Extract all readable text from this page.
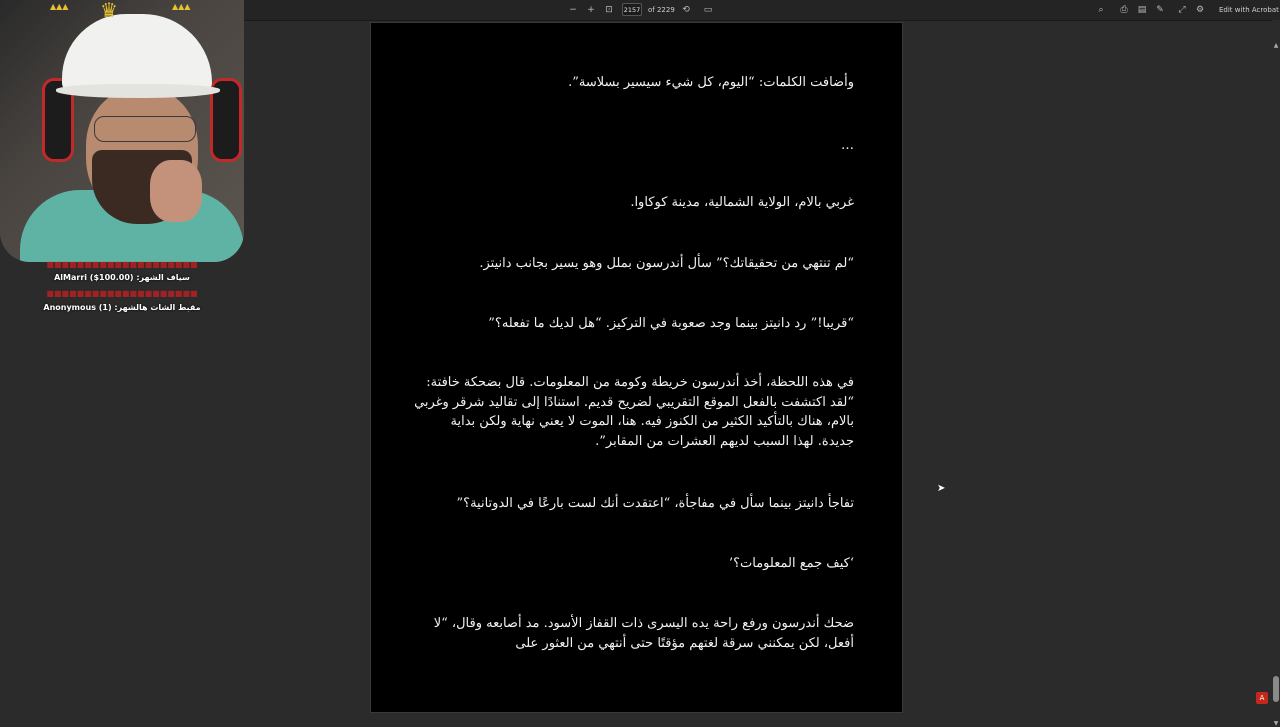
−	+	⊡	2157 of 2229 ⟲	▭	⌕	⎙	▤	✎	⤢	⚙	Edit with Acrobat
وأضافت الكلمات: “اليوم، كل شيء سيسير بسلاسة”.
…
غربي بالام، الولاية الشمالية، مدينة كوكاوا.
“لم تنتهي من تحقيقاتك؟” سأل أندرسون بملل وهو يسير بجانب دانيتز.
“قريبا!” رد دانيتز بينما وجد صعوبة في التركيز. “هل لديك ما تفعله؟”
في هذه اللحظة، أخذ أندرسون خريطة وكومة من المعلومات. قال بضحكة خافتة: “لقد اكتشفت بالفعل الموقع التقريبي لضريح قديم. استنادًا إلى تقاليد شرقر وغربي بالام، هناك بالتأكيد الكثير من الكنوز فيه. هنا، الموت لا يعني نهاية ولكن بداية جديدة. لهذا السبب لديهم العشرات من المقابر”.
تفاجأ دانيتز بينما سأل في مفاجأة، “اعتقدت أنك لست بارعًا في الدوتانية؟”
‘كيف جمع المعلومات؟’
ضحك أندرسون ورفع راحة يده اليسرى ذات القفاز الأسود. مد أصابعه وقال، “لا أفعل، لكن يمكنني سرقة لغتهم مؤقتًا حتى أنتهي من العثور على
▲
▼
▲▲▲ ♛	▲▲▲
■■■■■■■■■■■■■■■■■■■■
AlMarri ($100.00) :سياف الشهر
■■■■■■■■■■■■■■■■■■■■
Anonymous (1) :مقبط الشات هالشهر
➤
A
